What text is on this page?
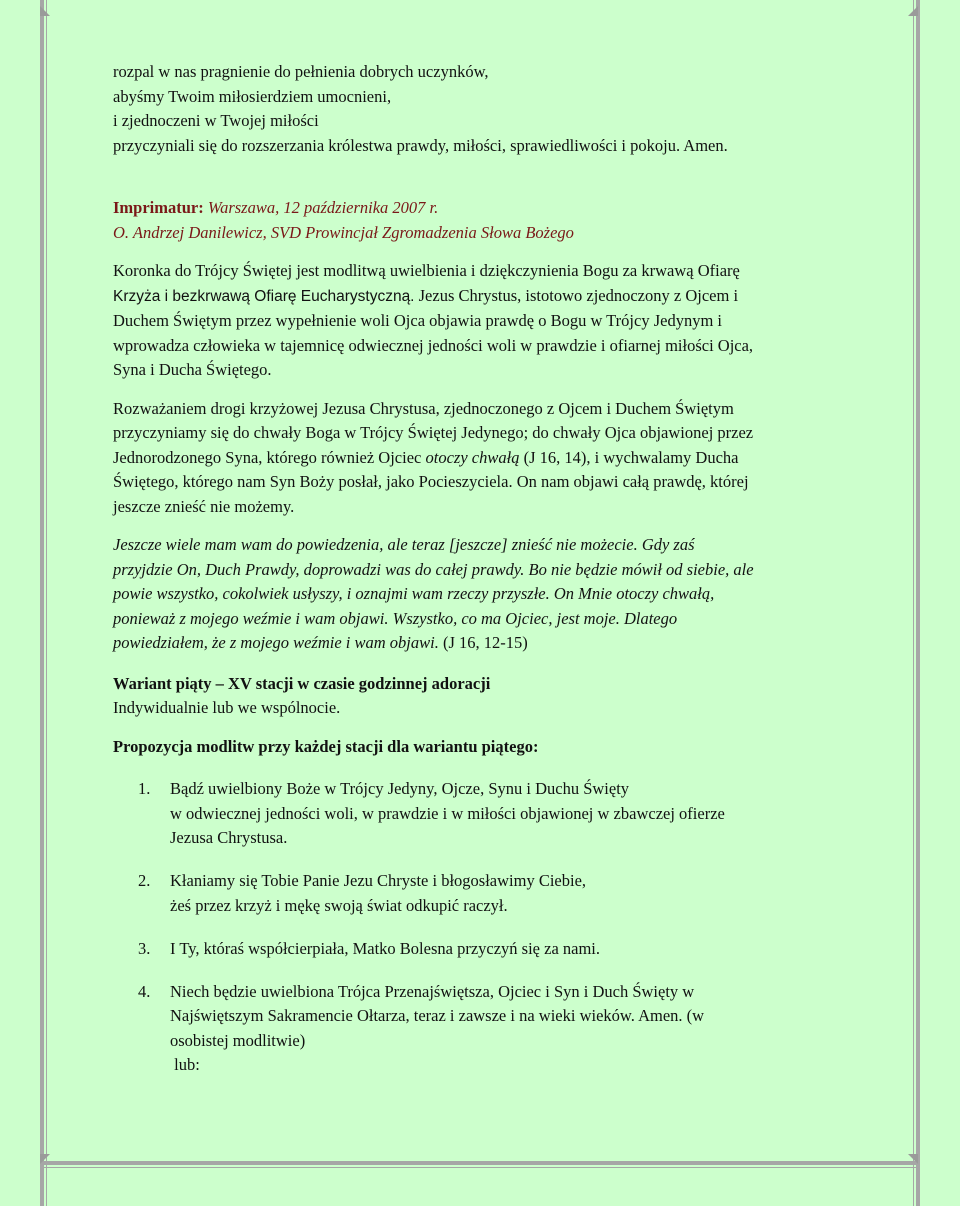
rozpal w nas pragnienie do pełnienia dobrych uczynków,
abyśmy Twoim miłosierdziem umocnieni,
i zjednoczeni w Twojej miłości
przyczyniali się do rozszerzania królestwa prawdy, miłości, sprawiedliwości i pokoju. Amen.
Imprimatur: Warszawa, 12 października 2007 r.
O. Andrzej Danilewicz, SVD Prowincjał Zgromadzenia Słowa Bożego
Koronka do Trójcy Świętej jest modlitwą uwielbienia i dziękczynienia Bogu za krwawą Ofiarę
Krzyża i bezkrwawą Ofiarę Eucharystyczną. Jezus Chrystus, istotowo zjednoczony z Ojcem i
Duchem Świętym przez wypełnienie woli Ojca objawia prawdę o Bogu w Trójcy Jedynym i
wprowadza człowieka w tajemnicę odwiecznej jedności woli w prawdzie i ofiarnej miłości Ojca,
Syna i Ducha Świętego.
Rozważaniem drogi krzyżowej Jezusa Chrystusa, zjednoczonego z Ojcem i Duchem Świętym
przyczyniamy się do chwały Boga w Trójcy Świętej Jedynego; do chwały Ojca objawionej przez
Jednorodzonego Syna, którego również Ojciec otoczy chwałą (J 16, 14), i wychwalamy Ducha
Świętego, którego nam Syn Boży posłał, jako Pocieszyciela. On nam objawi całą prawdę, której
jeszcze znieść nie możemy.
Jeszcze wiele mam wam do powiedzenia, ale teraz [jeszcze] znieść nie możecie. Gdy zaś
przyjdzie On, Duch Prawdy, doprowadzi was do całej prawdy. Bo nie będzie mówił od siebie, ale
powie wszystko, cokolwiek usłyszy, i oznajmi wam rzeczy przyszłe. On Mnie otoczy chwałą,
ponieważ z mojego weźmie i wam objawi. Wszystko, co ma Ojciec, jest moje. Dlatego
powiedziałem, że z mojego weźmie i wam objawi. (J 16, 12-15)
Wariant piąty – XV stacji w czasie godzinnej adoracji
Indywidualnie lub we wspólnocie.
Propozycja modlitw przy każdej stacji dla wariantu piątego:
1. Bądź uwielbiony Boże w Trójcy Jedyny, Ojcze, Synu i Duchu Święty
w odwiecznej jedności woli, w prawdzie i w miłości objawionej w zbawczej ofierze
Jezusa Chrystusa.
2. Kłaniamy się Tobie Panie Jezu Chryste i błogosławimy Ciebie,
żeś przez krzyż i mękę swoją świat odkupić raczył.
3. I Ty, któraś współcierpiała, Matko Bolesna przyczyń się za nami.
4. Niech będzie uwielbiona Trójca Przenajświętsza, Ojciec i Syn i Duch Święty w
Najświętszym Sakramencie Ołtarza, teraz i zawsze i na wieki wieków. Amen. (w
osobistej modlitwie)
lub:
